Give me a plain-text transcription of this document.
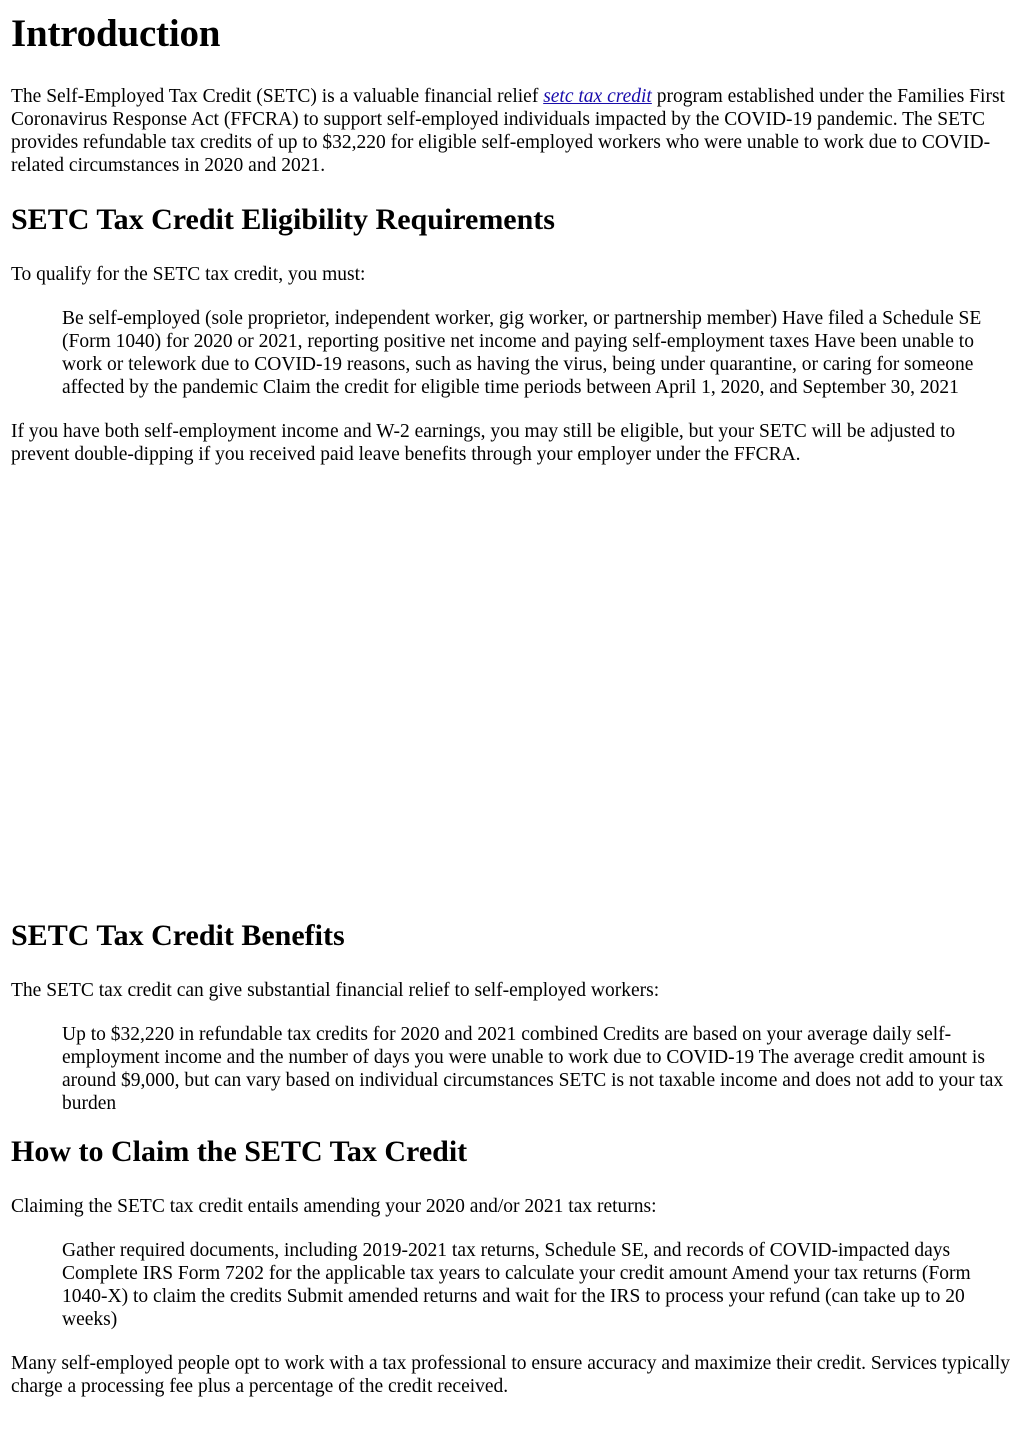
Introduction

The Self-Employed Tax Credit (SETC) is a valuable financial relief setc tax credit program established under the Families First Coronavirus Response Act (FFCRA) to support self-employed individuals impacted by the COVID-19 pandemic. The SETC provides refundable tax credits of up to $32,220 for eligible self-employed workers who were unable to work due to COVID-related circumstances in 2020 and 2021.

SETC Tax Credit Eligibility Requirements

To qualify for the SETC tax credit, you must:

Be self-employed (sole proprietor, independent worker, gig worker, or partnership member) Have filed a Schedule SE (Form 1040) for 2020 or 2021, reporting positive net income and paying self-employment taxes Have been unable to work or telework due to COVID-19 reasons, such as having the virus, being under quarantine, or caring for someone affected by the pandemic Claim the credit for eligible time periods between April 1, 2020, and September 30, 2021

If you have both self-employment income and W-2 earnings, you may still be eligible, but your SETC will be adjusted to prevent double-dipping if you received paid leave benefits through your employer under the FFCRA.

SETC Tax Credit Benefits

The SETC tax credit can give substantial financial relief to self-employed workers:

Up to $32,220 in refundable tax credits for 2020 and 2021 combined Credits are based on your average daily self-employment income and the number of days you were unable to work due to COVID-19 The average credit amount is around $9,000, but can vary based on individual circumstances SETC is not taxable income and does not add to your tax burden
How to Claim the SETC Tax Credit

Claiming the SETC tax credit entails amending your 2020 and/or 2021 tax returns:

Gather required documents, including 2019-2021 tax returns, Schedule SE, and records of COVID-impacted days Complete IRS Form 7202 for the applicable tax years to calculate your credit amount Amend your tax returns (Form 1040-X) to claim the credits Submit amended returns and wait for the IRS to process your refund (can take up to 20 weeks)

Many self-employed people opt to work with a tax professional to ensure accuracy and maximize their credit. Services typically charge a processing fee plus a percentage of the credit received.
